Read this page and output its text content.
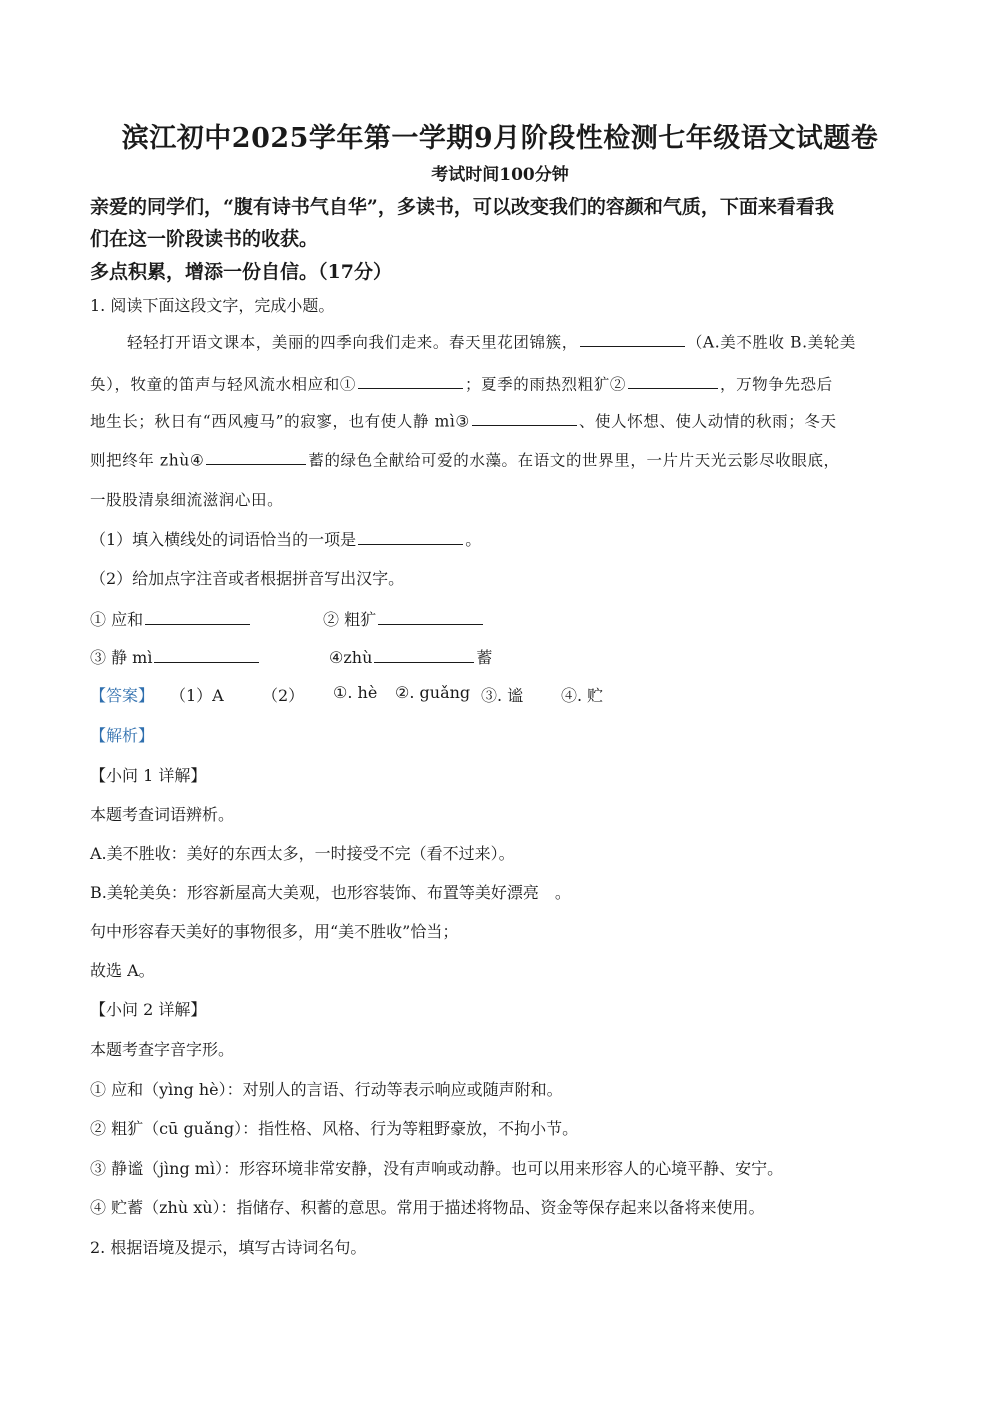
滨江初中2025学年第一学期9月阶段性检测七年级语文试题卷
考试时间100分钟
亲爱的同学们，“腹有诗书气自华”，多读书，可以改变我们的容颜和气质，下面来看看我
们在这一阶段读书的收获。
多点积累，增添一份自信。（17分）
1. 阅读下面这段文字，完成小题。
轻轻打开语文课本，美丽的四季向我们走来。春天里花团锦簇，	（A.美不胜收 B.美轮美
奂），牧童的笛声与轻风流水相应和①	；夏季的雨热烈粗犷②	，万物争先恐后
地生长；秋日有“西风瘦马”的寂寥，也有使人静 mì③	、使人怀想、使人动情的秋雨；冬天
则把终年 zhù④	蓄的绿色全献给可爱的水藻。在语文的世界里，一片片天光云影尽收眼底，
一股股清泉细流滋润心田。
（1）填入横线处的词语恰当的一项是	。
（2）给加点字注音或者根据拼音写出汉字。
① 应和	② 粗犷
③ 静 mì	④zhù	蓄
【答案】 （1）A （2） ①. hè ②. guǎng ③. 谧 ④. 贮
【解析】
【小问 1 详解】
本题考查词语辨析。
A.美不胜收：美好的东西太多，一时接受不完（看不过来）。
B.美轮美奂：形容新屋高大美观，也形容装饰、布置等美好漂亮　。
句中形容春天美好的事物很多，用“美不胜收”恰当；
故选 A。
【小问 2 详解】
本题考查字音字形。
① 应和（yìng hè）：对别人的言语、行动等表示响应或随声附和。
② 粗犷（cū guǎng）：指性格、风格、行为等粗野豪放，不拘小节。
③ 静谧（jìng mì）：形容环境非常安静，没有声响或动静。也可以用来形容人的心境平静、安宁。
④ 贮蓄（zhù xù）：指储存、积蓄的意思。常用于描述将物品、资金等保存起来以备将来使用。
2. 根据语境及提示，填写古诗词名句。
